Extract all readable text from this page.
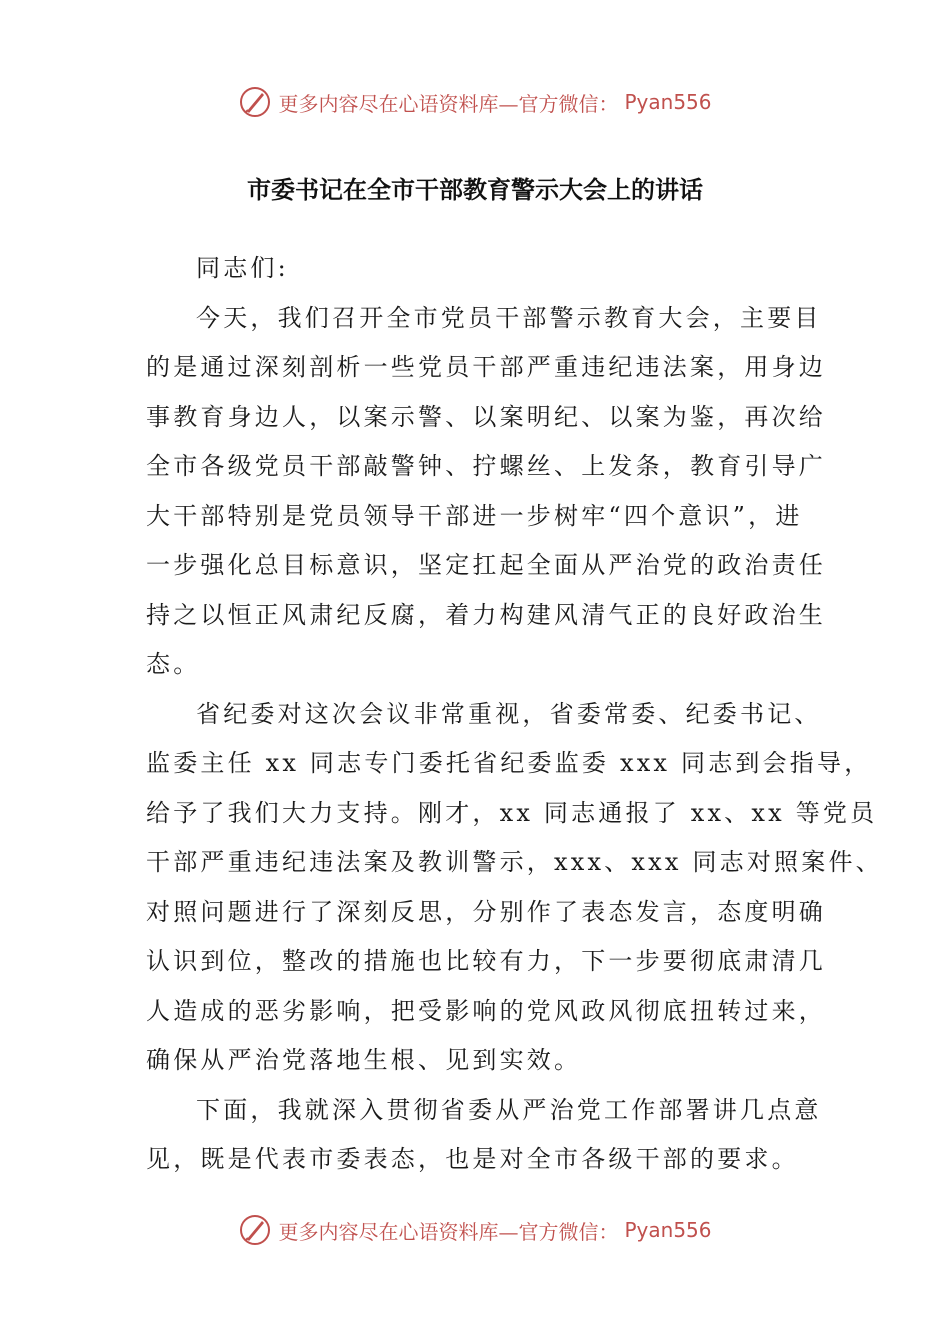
更多内容尽在心语资料库—官方微信： Pyan556
市委书记在全市干部教育警示大会上的讲话
同志们:
今天，我们召开全市党员干部警示教育大会，主要目
的是通过深刻剖析一些党员干部严重违纪违法案，用身边
事教育身边人，以案示警、以案明纪、以案为鉴，再次给
全市各级党员干部敲警钟、拧螺丝、上发条，教育引导广
大干部特别是党员领导干部进一步树牢“四个意识”，进
一步强化总目标意识，坚定扛起全面从严治党的政治责任
持之以恒正风肃纪反腐，着力构建风清气正的良好政治生
态。
省纪委对这次会议非常重视，省委常委、纪委书记、
监委主任 xx 同志专门委托省纪委监委 xxx 同志到会指导，
给予了我们大力支持。刚才，xx 同志通报了 xx、xx 等党员
干部严重违纪违法案及教训警示，xxx、xxx 同志对照案件、
对照问题进行了深刻反思，分别作了表态发言，态度明确
认识到位，整改的措施也比较有力，下一步要彻底肃清几
人造成的恶劣影响，把受影响的党风政风彻底扭转过来，
确保从严治党落地生根、见到实效。
下面，我就深入贯彻省委从严治党工作部署讲几点意
见，既是代表市委表态，也是对全市各级干部的要求。
更多内容尽在心语资料库—官方微信： Pyan556
